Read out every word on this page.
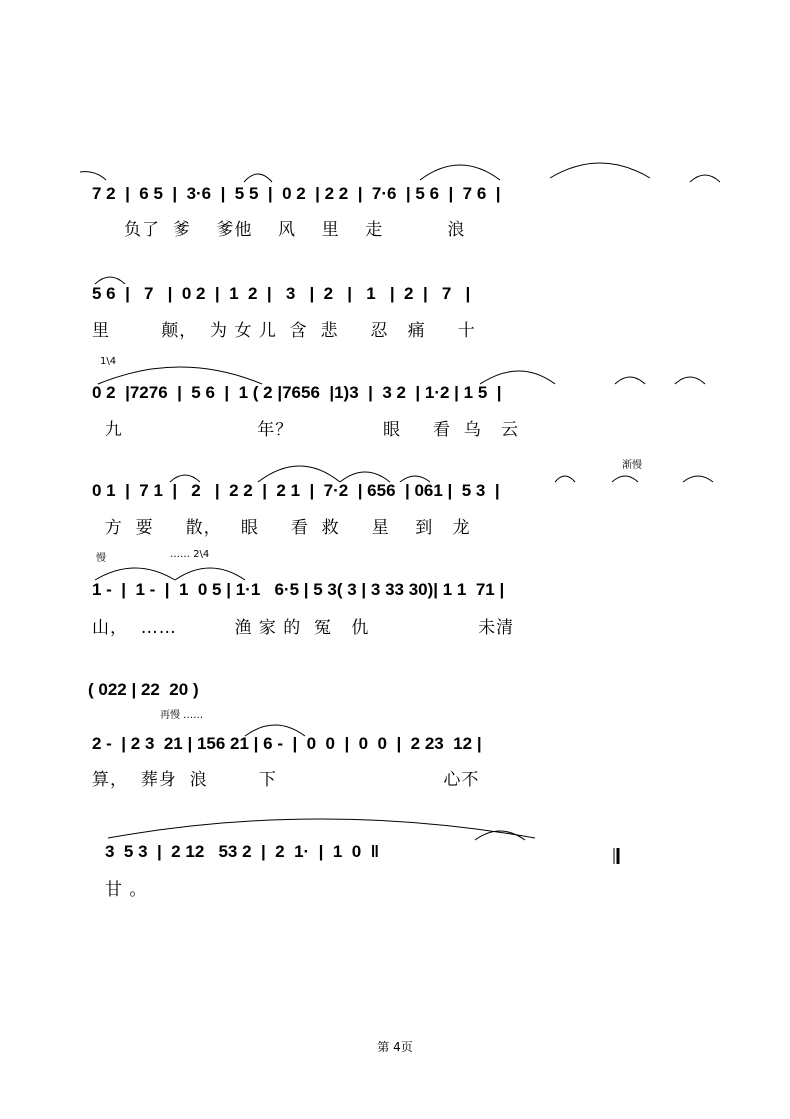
7 2  |  6 5  |  3·6  |  5 5  |  0 2  | 2 2  |  7·6  | 5 6  |  7 6  |
负了  爹    爹他    风    里    走          浪
5 6  |   7   |  0 2  |  1  2  |   3   |  2   |   1   |  2  |   7   |
里        颠，  为 女 儿  含  悲     忍   痛     十
1\4
0 2  |7276  |  5 6  |  1 ( 2 |7656  |1)3  |  3 2  | 1·2 | 1 5  |
九                     年？              眼     看  乌   云
渐慢
0 1  |  7 1  |   2   |  2 2  |  2 1  |  7·2  | 656  | 061 |  5 3  |
方  要     散，   眼     看  救     星    到   龙
慢	…… 2\4
1 -  |  1 -  |  1  0 5 | 1·1   6·5 | 5 3( 3 | 3 33 30)| 1 1  71 |
山，  ……         渔 家 的  冤   仇                 未清
( 022 | 22  20 )
再慢 ……
2 -  | 2 3  21 | 156 21 | 6 -  |  0  0  |  0  0  |  2 23  12 |
算，  葬身  浪        下                          心不
3  5 3  |  2 12   53 2  |  2  1·  |  1  0  ‖
甘 。
第 4页
